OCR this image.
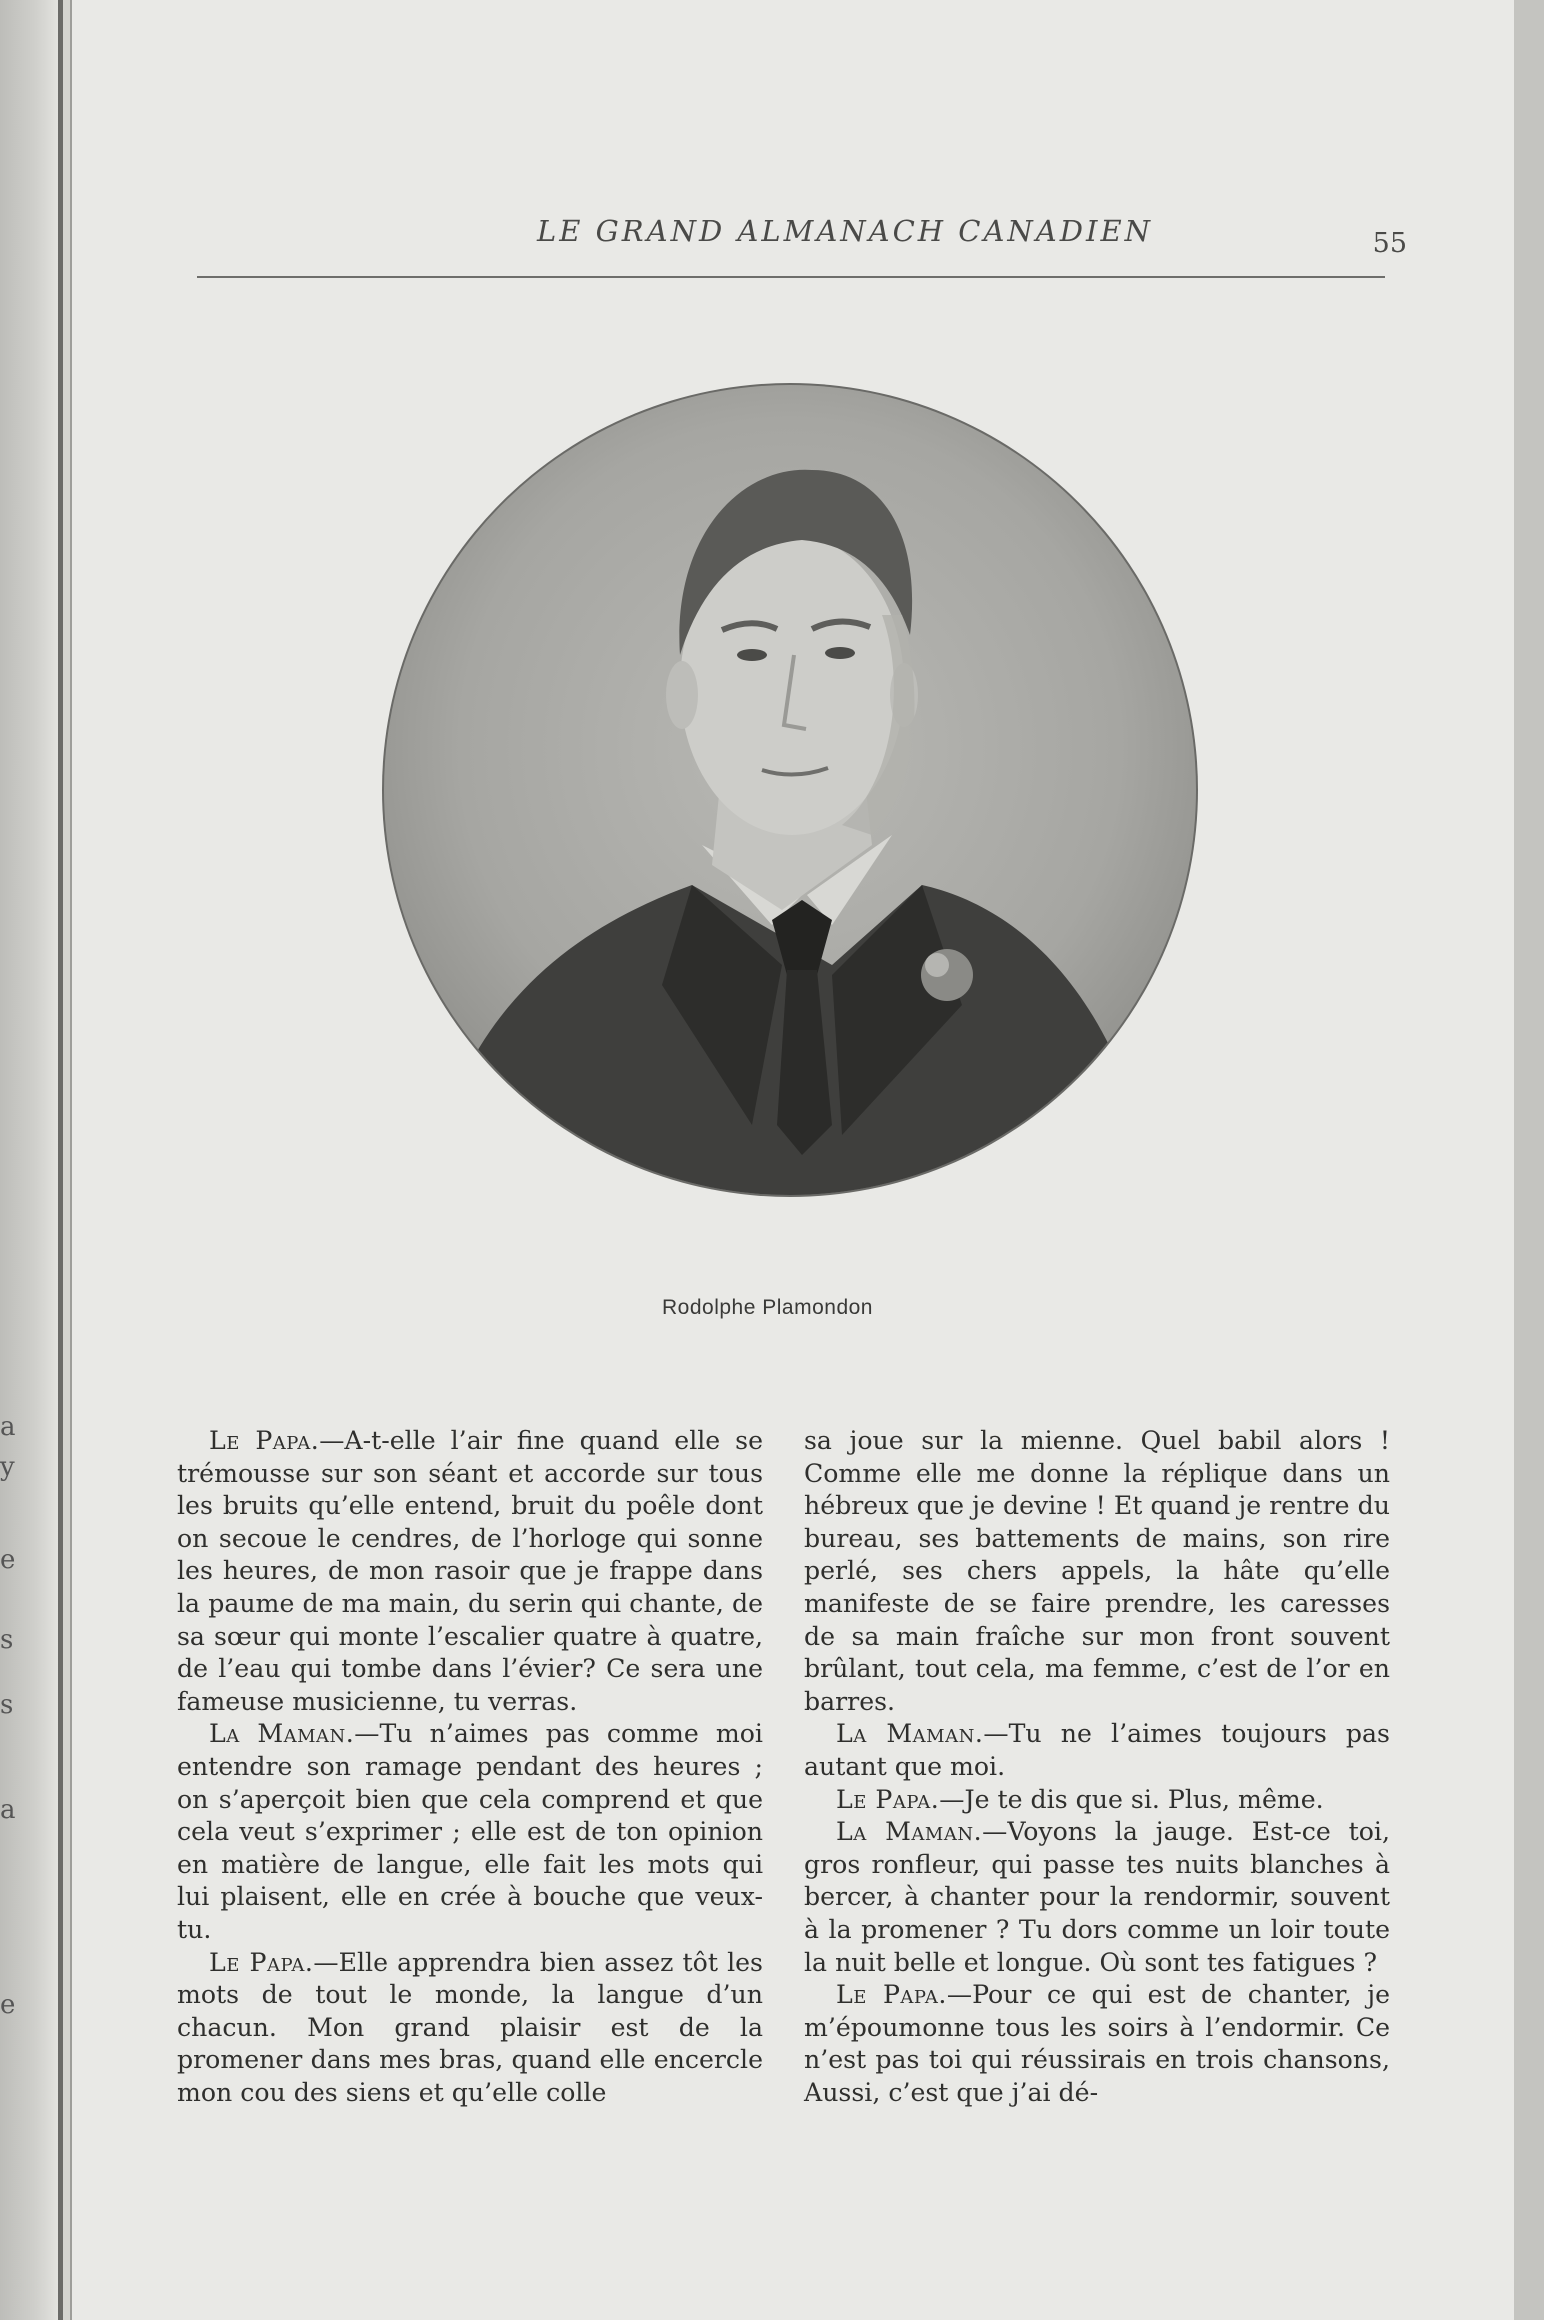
a
y
e
s
s
a
e
LE GRAND ALMANACH CANADIEN	55
Rodolphe Plamondon

Le Papa.—A-t-elle l’air fine quand elle se trémousse sur son séant et accorde sur tous les bruits qu’elle entend, bruit du poêle dont on secoue le cendres, de l’horloge qui sonne les heures, de mon rasoir que je frappe dans la paume de ma main, du serin qui chante, de sa sœur qui monte l’escalier quatre à quatre, de l’eau qui tombe dans l’évier? Ce sera une fameuse musicienne, tu verras.

La Maman.—Tu n’aimes pas comme moi entendre son ramage pendant des heures ; on s’aperçoit bien que cela comprend et que cela veut s’exprimer ; elle est de ton opinion en matière de langue, elle fait les mots qui lui plaisent, elle en crée à bouche que veux-tu.

Le Papa.—Elle apprendra bien assez tôt les mots de tout le monde, la langue d’un chacun. Mon grand plaisir est de la promener dans mes bras, quand elle encercle mon cou des siens et qu’elle colle

sa joue sur la mienne. Quel babil alors ! Comme elle me donne la réplique dans un hébreux que je devine ! Et quand je rentre du bureau, ses battements de mains, son rire perlé, ses chers appels, la hâte qu’elle manifeste de se faire prendre, les caresses de sa main fraîche sur mon front souvent brûlant, tout cela, ma femme, c’est de l’or en barres.

La Maman.—Tu ne l’aimes toujours pas autant que moi.

Le Papa.—Je te dis que si. Plus, même.

La Maman.—Voyons la jauge. Est-ce toi, gros ronfleur, qui passe tes nuits blanches à bercer, à chanter pour la rendormir, souvent à la promener ? Tu dors comme un loir toute la nuit belle et longue. Où sont tes fatigues ?

Le Papa.—Pour ce qui est de chanter, je m’époumonne tous les soirs à l’endormir. Ce n’est pas toi qui réussirais en trois chansons, Aussi, c’est que j’ai dé-
